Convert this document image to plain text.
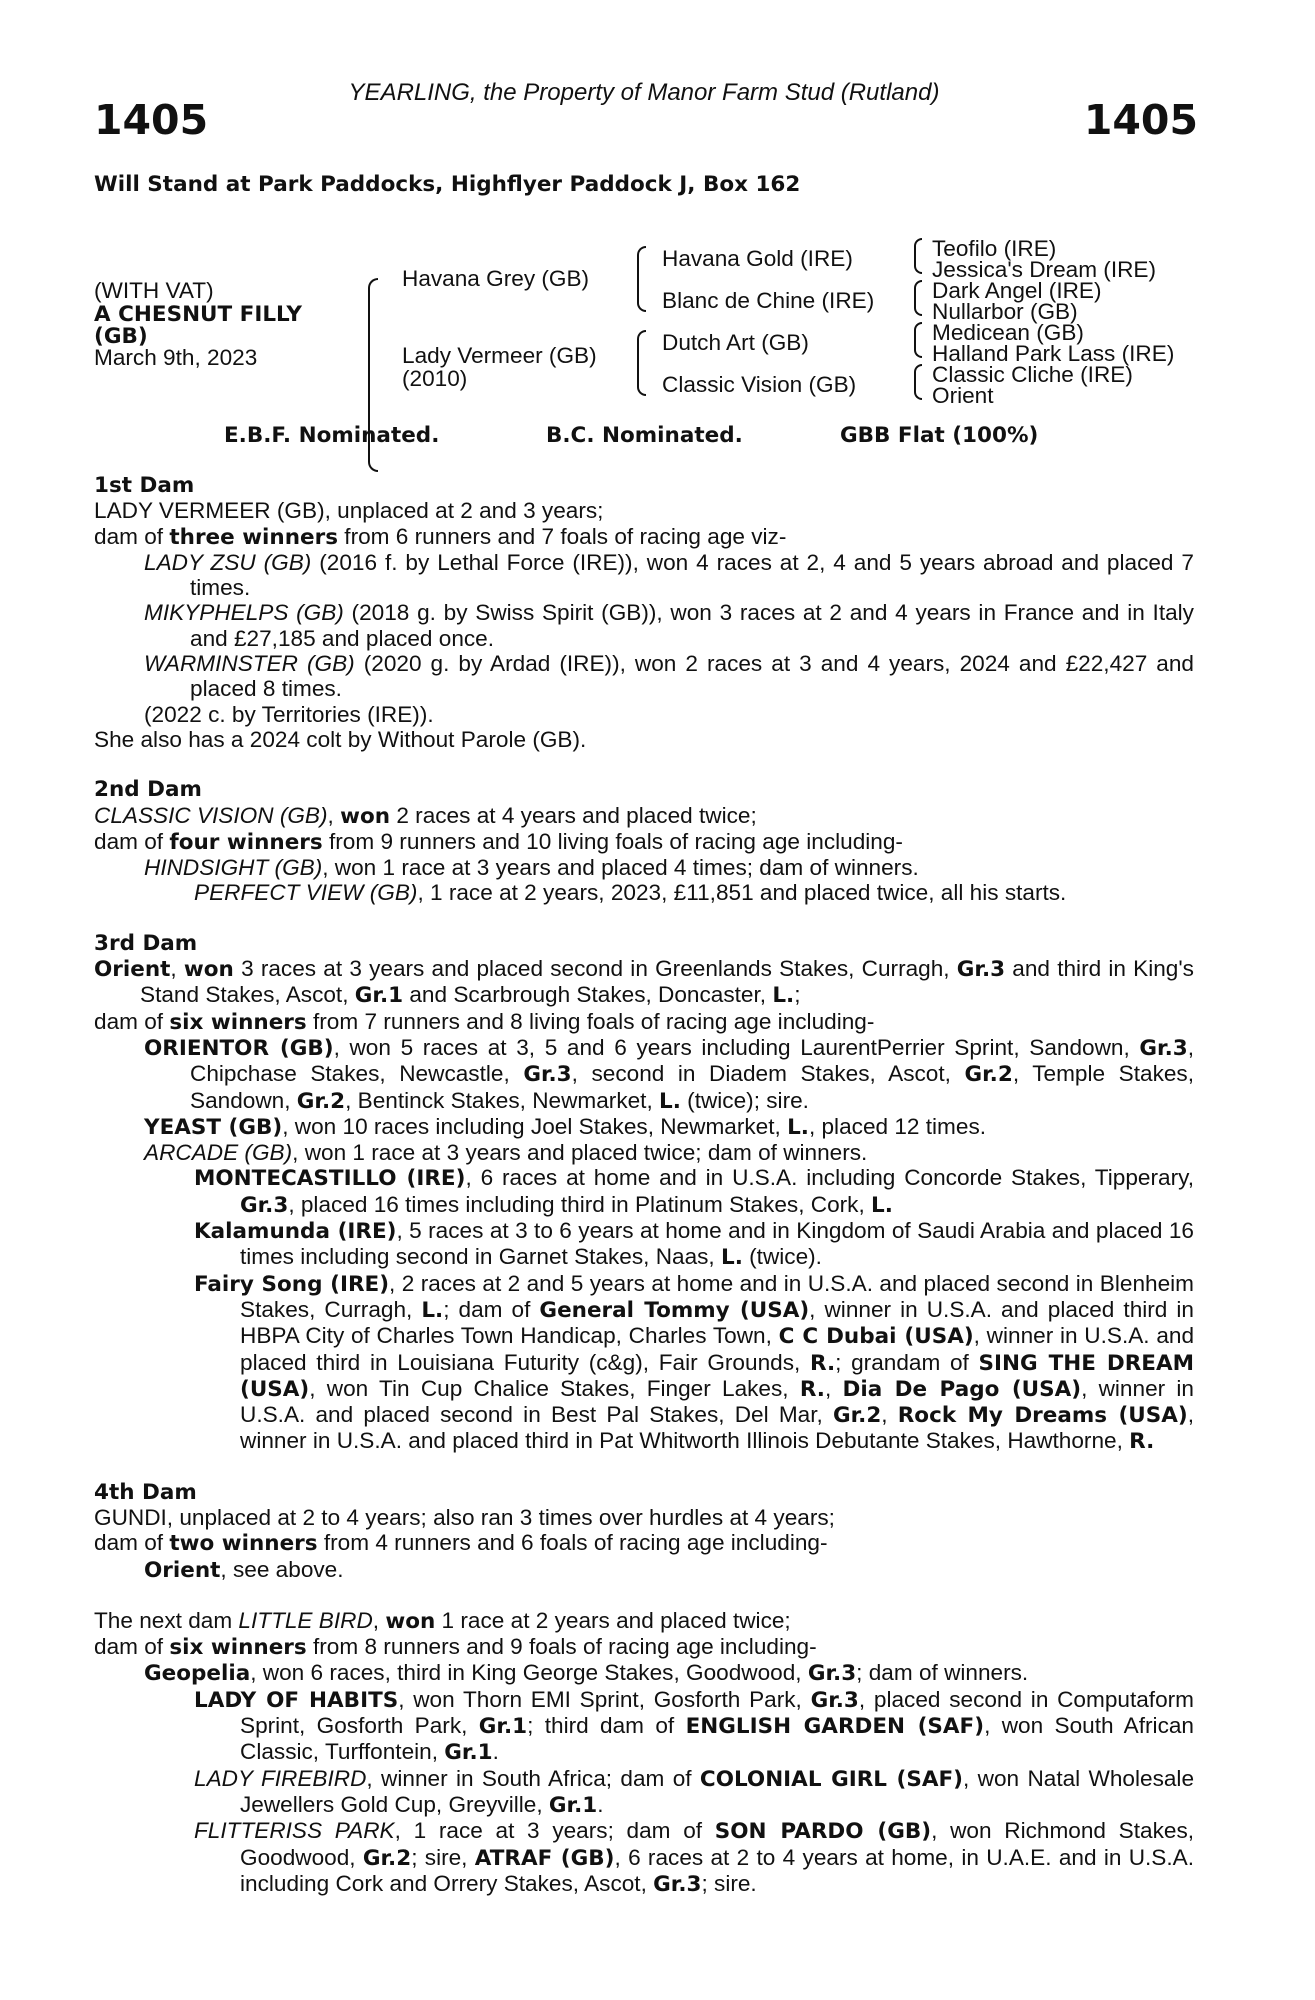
YEARLING, the Property of Manor Farm Stud (Rutland)
1405	1405
Will Stand at Park Paddocks, Highflyer Paddock J, Box 162
(WITH VAT)
A CHESNUT FILLY
(GB)
March 9th, 2023
Havana Grey (GB)
Lady Vermeer (GB)
(2010)
Havana Gold (IRE)
Blanc de Chine (IRE)
Dutch Art (GB)
Classic Vision (GB)
Teofilo (IRE)
Jessica's Dream (IRE)
Dark Angel (IRE)
Nullarbor (GB)
Medicean (GB)
Halland Park Lass (IRE)
Classic Cliche (IRE)
Orient
E.B.F. Nominated.	B.C. Nominated.	GBB Flat (100%)
1st Dam

LADY VERMEER (GB), unplaced at 2 and 3 years;

dam of three winners from 6 runners and 7 foals of racing age viz-

LADY ZSU (GB) (2016 f. by Lethal Force (IRE)), won 4 races at 2, 4 and 5 years abroad and placed 7 times.

MIKYPHELPS (GB) (2018 g. by Swiss Spirit (GB)), won 3 races at 2 and 4 years in France and in Italy and £27,185 and placed once.

WARMINSTER (GB) (2020 g. by Ardad (IRE)), won 2 races at 3 and 4 years, 2024 and £22,427 and placed 8 times.

(2022 c. by Territories (IRE)).

She also has a 2024 colt by Without Parole (GB).

2nd Dam

CLASSIC VISION (GB), won 2 races at 4 years and placed twice;

dam of four winners from 9 runners and 10 living foals of racing age including-

HINDSIGHT (GB), won 1 race at 3 years and placed 4 times; dam of winners.

PERFECT VIEW (GB), 1 race at 2 years, 2023, £11,851 and placed twice, all his starts.

3rd Dam

Orient, won 3 races at 3 years and placed second in Greenlands Stakes, Curragh, Gr.3 and third in King's Stand Stakes, Ascot, Gr.1 and Scarbrough Stakes, Doncaster, L.;

dam of six winners from 7 runners and 8 living foals of racing age including-

ORIENTOR (GB), won 5 races at 3, 5 and 6 years including LaurentPerrier Sprint, Sandown, Gr.3, Chipchase Stakes, Newcastle, Gr.3, second in Diadem Stakes, Ascot, Gr.2, Temple Stakes, Sandown, Gr.2, Bentinck Stakes, Newmarket, L. (twice); sire.

YEAST (GB), won 10 races including Joel Stakes, Newmarket, L., placed 12 times.

ARCADE (GB), won 1 race at 3 years and placed twice; dam of winners.

MONTECASTILLO (IRE), 6 races at home and in U.S.A. including Concorde Stakes, Tipperary, Gr.3, placed 16 times including third in Platinum Stakes, Cork, L.

Kalamunda (IRE), 5 races at 3 to 6 years at home and in Kingdom of Saudi Arabia and placed 16 times including second in Garnet Stakes, Naas, L. (twice).

Fairy Song (IRE), 2 races at 2 and 5 years at home and in U.S.A. and placed second in Blenheim Stakes, Curragh, L.; dam of General Tommy (USA), winner in U.S.A. and placed third in HBPA City of Charles Town Handicap, Charles Town, C C Dubai (USA), winner in U.S.A. and placed third in Louisiana Futurity (c&g), Fair Grounds, R.; grandam of SING THE DREAM (USA), won Tin Cup Chalice Stakes, Finger Lakes, R., Dia De Pago (USA), winner in U.S.A. and placed second in Best Pal Stakes, Del Mar, Gr.2, Rock My Dreams (USA), winner in U.S.A. and placed third in Pat Whitworth Illinois Debutante Stakes, Hawthorne, R.

4th Dam

GUNDI, unplaced at 2 to 4 years; also ran 3 times over hurdles at 4 years;

dam of two winners from 4 runners and 6 foals of racing age including-

Orient, see above.

The next dam LITTLE BIRD, won 1 race at 2 years and placed twice;

dam of six winners from 8 runners and 9 foals of racing age including-

Geopelia, won 6 races, third in King George Stakes, Goodwood, Gr.3; dam of winners.

LADY OF HABITS, won Thorn EMI Sprint, Gosforth Park, Gr.3, placed second in Computaform Sprint, Gosforth Park, Gr.1; third dam of ENGLISH GARDEN (SAF), won South African Classic, Turffontein, Gr.1.

LADY FIREBIRD, winner in South Africa; dam of COLONIAL GIRL (SAF), won Natal Wholesale Jewellers Gold Cup, Greyville, Gr.1.

FLITTERISS PARK, 1 race at 3 years; dam of SON PARDO (GB), won Richmond Stakes, Goodwood, Gr.2; sire, ATRAF (GB), 6 races at 2 to 4 years at home, in U.A.E. and in U.S.A. including Cork and Orrery Stakes, Ascot, Gr.3; sire.
